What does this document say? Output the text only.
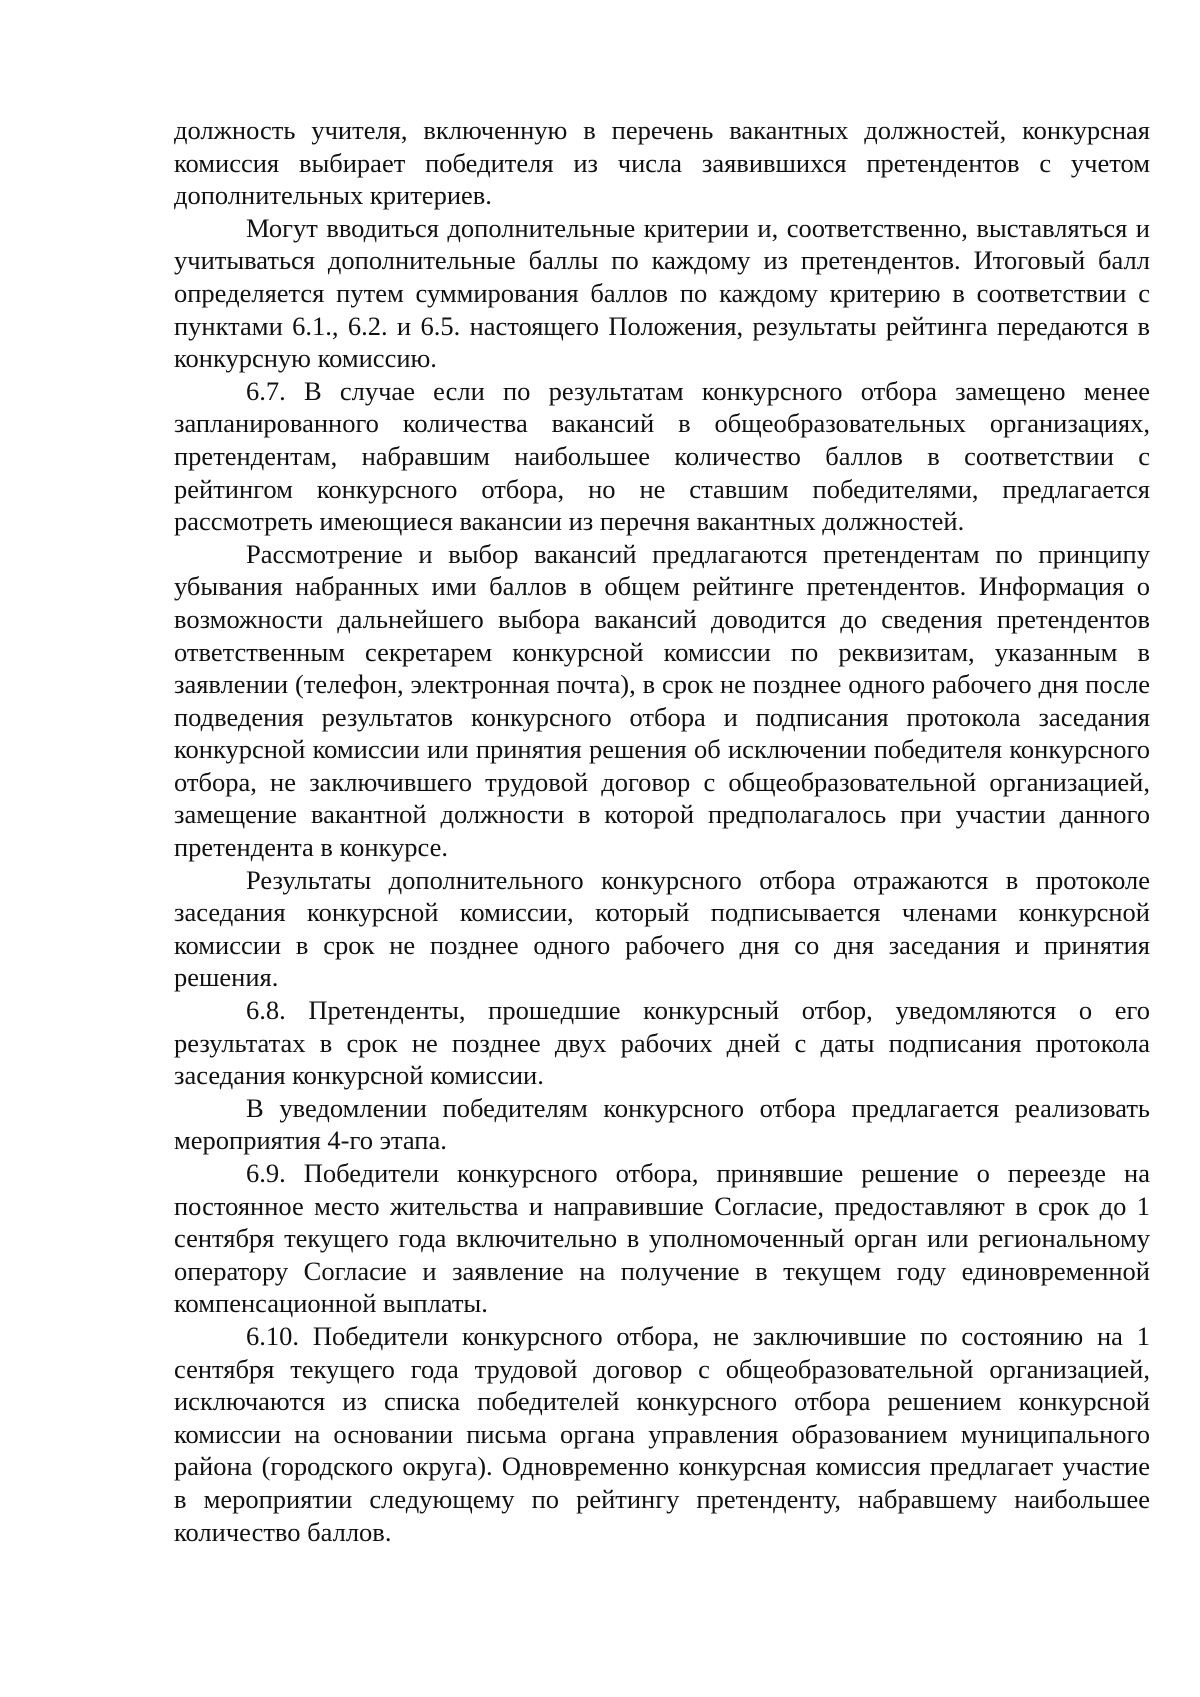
должность учителя, включенную в перечень вакантных должностей, конкурсная комиссия выбирает победителя из числа заявившихся претендентов с учетом дополнительных критериев.

Могут вводиться дополнительные критерии и, соответственно, выставляться и учитываться дополнительные баллы по каждому из претендентов. Итоговый балл определяется путем суммирования баллов по каждому критерию в соответствии с пунктами 6.1., 6.2. и 6.5. настоящего Положения, результаты рейтинга передаются в конкурсную комиссию.

6.7. В случае если по результатам конкурсного отбора замещено менее запланированного количества вакансий в общеобразовательных организациях, претендентам, набравшим наибольшее количество баллов в соответствии с рейтингом конкурсного отбора, но не ставшим победителями, предлагается рассмотреть имеющиеся вакансии из перечня вакантных должностей.

Рассмотрение и выбор вакансий предлагаются претендентам по принципу убывания набранных ими баллов в общем рейтинге претендентов. Информация о возможности дальнейшего выбора вакансий доводится до сведения претендентов ответственным секретарем конкурсной комиссии по реквизитам, указанным в заявлении (телефон, электронная почта), в срок не позднее одного рабочего дня после подведения результатов конкурсного отбора и подписания протокола заседания конкурсной комиссии или принятия решения об исключении победителя конкурсного отбора, не заключившего трудовой договор с общеобразовательной организацией, замещение вакантной должности в которой предполагалось при участии данного претендента в конкурсе.

Результаты дополнительного конкурсного отбора отражаются в протоколе заседания конкурсной комиссии, который подписывается членами конкурсной комиссии в срок не позднее одного рабочего дня со дня заседания и принятия решения.

6.8. Претенденты, прошедшие конкурсный отбор, уведомляются о его результатах в срок не позднее двух рабочих дней с даты подписания протокола заседания конкурсной комиссии.

В уведомлении победителям конкурсного отбора предлагается реализовать мероприятия 4-го этапа.

6.9. Победители конкурсного отбора, принявшие решение о переезде на постоянное место жительства и направившие Согласие, предоставляют в срок до 1 сентября текущего года включительно в уполномоченный орган или региональному оператору Согласие и заявление на получение в текущем году единовременной компенсационной выплаты.

6.10. Победители конкурсного отбора, не заключившие по состоянию на 1 сентября текущего года трудовой договор с общеобразовательной организацией, исключаются из списка победителей конкурсного отбора решением конкурсной комиссии на основании письма органа управления образованием муниципального района (городского округа). Одновременно конкурсная комиссия предлагает участие в мероприятии следующему по рейтингу претенденту, набравшему наибольшее количество баллов.
